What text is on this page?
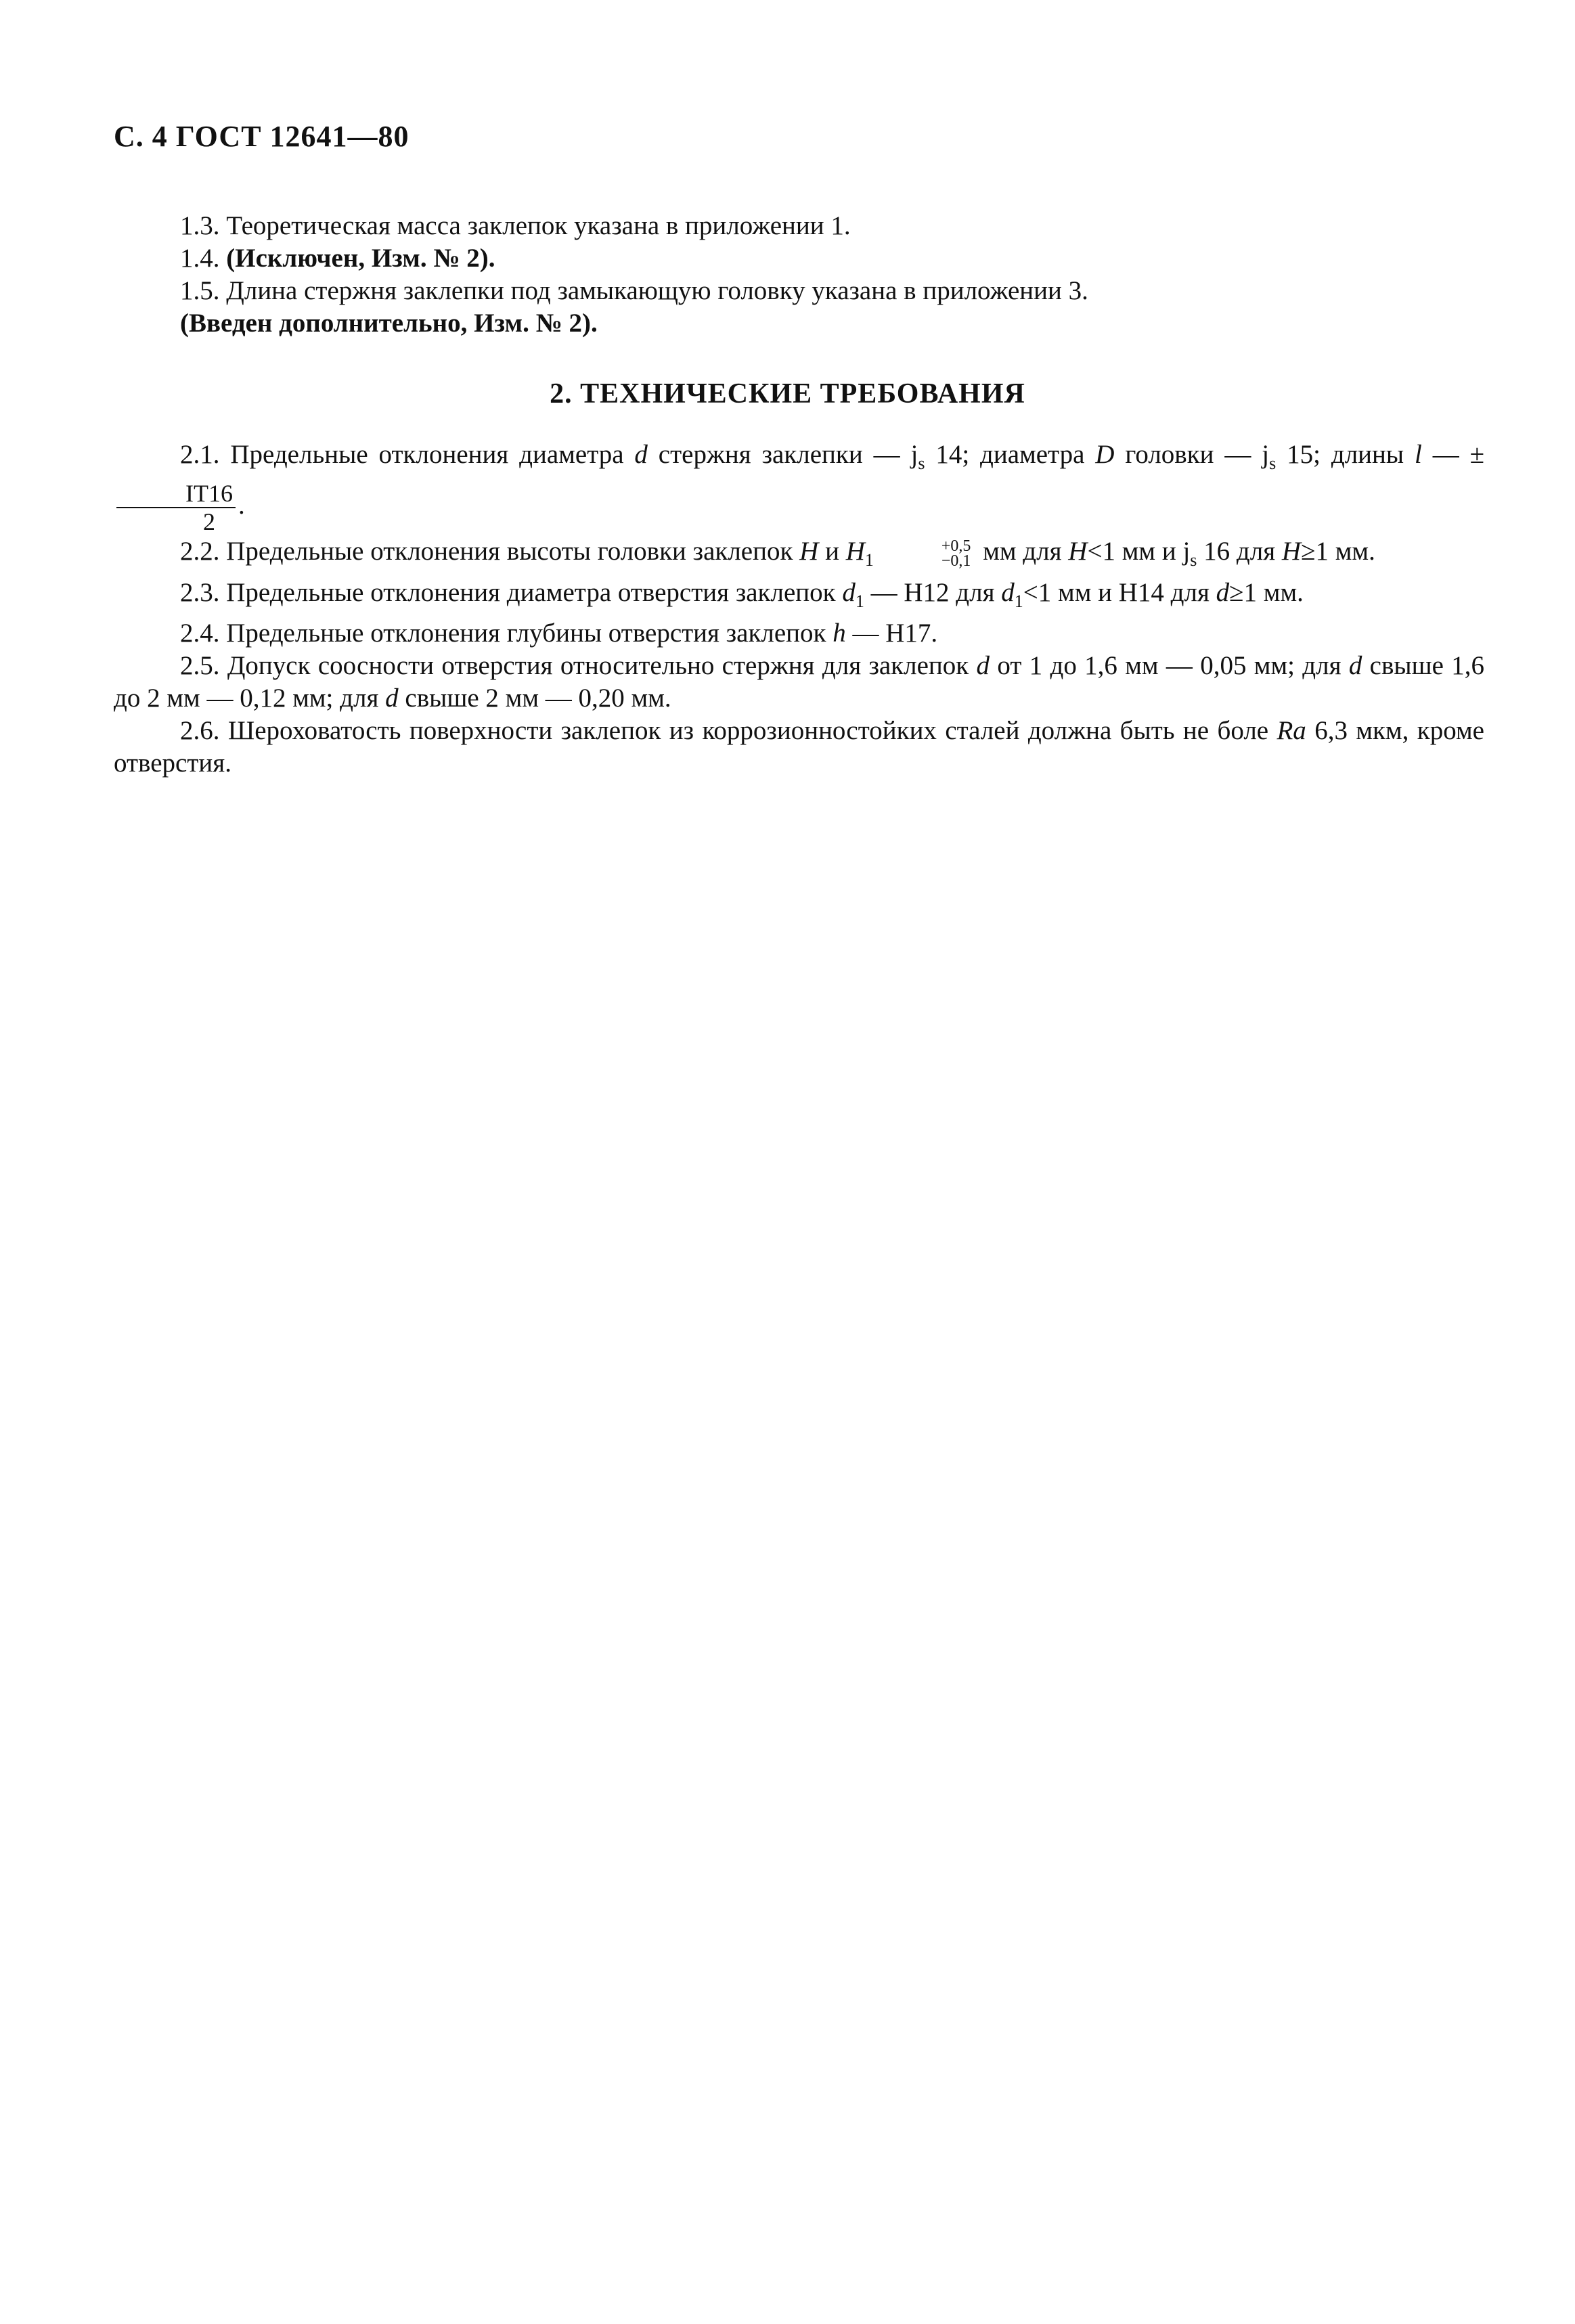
С. 4 ГОСТ 12641—80

1.3. Теоретическая масса заклепок указана в приложении 1.

1.4. (Исключен, Изм. № 2).

1.5. Длина стержня заклепки под замыкающую головку указана в приложении 3.

(Введен дополнительно, Изм. № 2).

2. ТЕХНИЧЕСКИЕ ТРЕБОВАНИЯ

2.1. Предельные отклонения диаметра d стержня заклепки — $j_s$ 14; диаметра D головки — $j_s$ 15; длины l — ±
$\frac{IT16}{2}$ .

2.2. Предельные отклонения высоты головки заклепок H и $H_1$
+0,5
−0,1 мм для H<1 мм и $j_s$ 16 для H≥1 мм.

2.3. Предельные отклонения диаметра отверстия заклепок $d_1$ — H12 для $d_1<1$ мм и H14 для d≥1 мм.

2.4. Предельные отклонения глубины отверстия заклепок h — H17.

2.5. Допуск соосности отверстия относительно стержня для заклепок d от 1 до 1,6 мм — 0,05 мм; для d свыше 1,6 до 2 мм — 0,12 мм; для d свыше 2 мм — 0,20 мм.

2.6. Шероховатость поверхности заклепок из коррозионностойких сталей должна быть не боле Ra 6,3 мкм, кроме отверстия.
